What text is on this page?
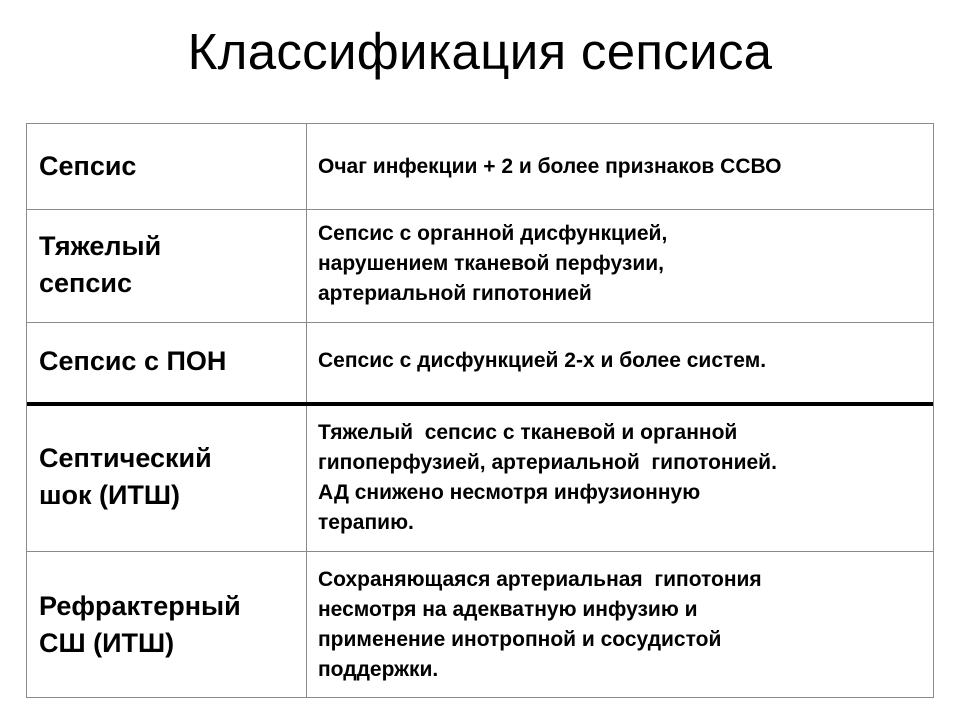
Классификация сепсиса
Сепсис	Очаг инфекции + 2 и более признаков ССВО
Тяжелый
сепсис
Сепсис с органной дисфункцией,
нарушением тканевой перфузии,
артериальной гипотонией
Сепсис с ПОН	Сепсис с дисфункцией 2-х и более систем.
Септический
шок (ИТШ)
Тяжелый  сепсис с тканевой и органной
гипоперфузией, артериальной  гипотонией.
АД снижено несмотря инфузионную
терапию.
Рефрактерный
СШ (ИТШ)
Сохраняющаяся артериальная  гипотония
несмотря на адекватную инфузию и
применение инотропной и сосудистой
поддержки.
